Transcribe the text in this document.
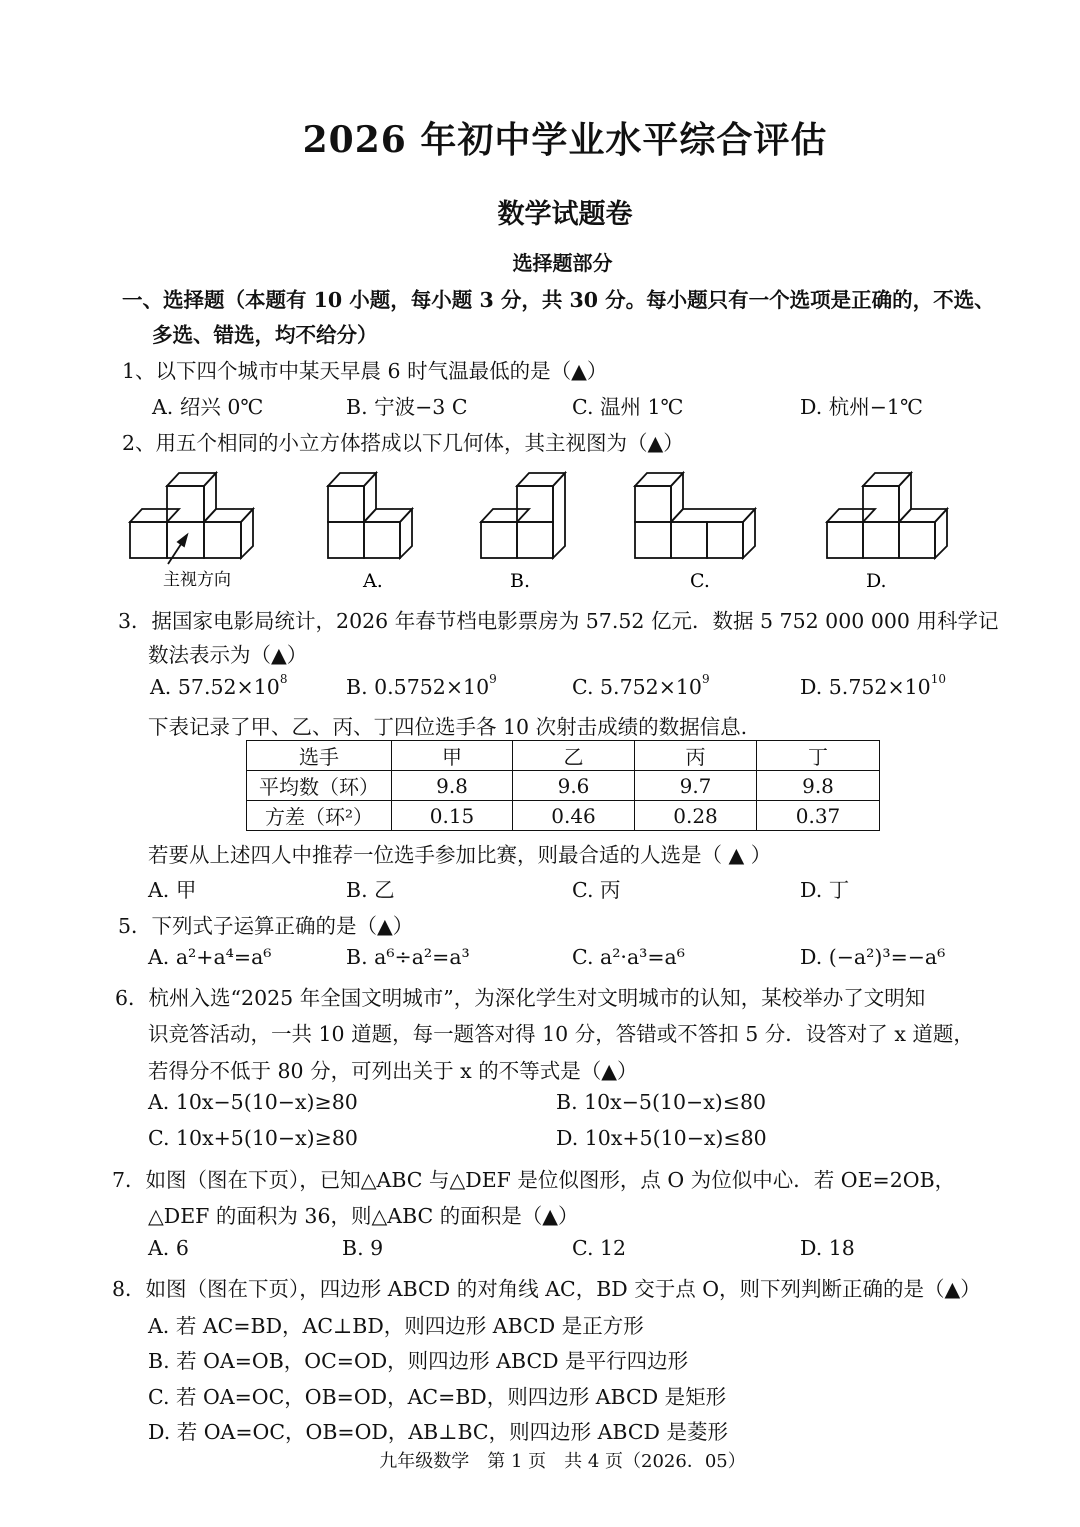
2026 年初中学业水平综合评估
数学试题卷
选择题部分
一、选择题（本题有 10 小题，每小题 3 分，共 30 分。每小题只有一个选项是正确的，不选、
多选、错选，均不给分）
1、以下四个城市中某天早晨 6 时气温最低的是（▲）
A. 绍兴 0℃	B. 宁波−3 C	C. 温州 1℃	D. 杭州−1℃
2、用五个相同的小立方体搭成以下几何体，其主视图为（▲）
主视方向	A.	B.	C.	D.
3．据国家电影局统计，2026 年春节档电影票房为 57.52 亿元．数据 5 752 000 000 用科学记
数法表示为（▲）
A. $57.52\times 10^8$	B. $0.5752\times 10^9$	C. $5.752\times 10^9$	D. $5.752\times 10^{10}$
下表记录了甲、乙、丙、丁四位选手各 10 次射击成绩的数据信息.
选手	甲	乙	丙	丁
平均数（环）	9.8	9.6	9.7	9.8
方差（环²）	0.15	0.46	0.28	0.37
若要从上述四人中推荐一位选手参加比赛，则最合适的人选是（ ▲ ）
A. 甲	B. 乙	C. 丙	D. 丁
5．下列式子运算正确的是（▲）
A. a²+a⁴=a⁶	B. a⁶÷a²=a³	C. a²·a³=a⁶	D. (−a²)³=−a⁶
6．杭州入选“2025 年全国文明城市”，为深化学生对文明城市的认知，某校举办了文明知
识竞答活动，一共 10 道题，每一题答对得 10 分，答错或不答扣 5 分．设答对了 x 道题，
若得分不低于 80 分，可列出关于 x 的不等式是（▲）
A. 10x−5(10−x)≥80	B. 10x−5(10−x)≤80
C. 10x+5(10−x)≥80	D. 10x+5(10−x)≤80
7．如图（图在下页），已知△ABC 与△DEF 是位似图形，点 O 为位似中心．若 OE=2OB，
△DEF 的面积为 36，则△ABC 的面积是（▲）
A. 6	B. 9	C. 12	D. 18
8．如图（图在下页），四边形 ABCD 的对角线 AC，BD 交于点 O，则下列判断正确的是（▲）
A. 若 AC=BD，AC⊥BD，则四边形 ABCD 是正方形
B. 若 OA=OB，OC=OD，则四边形 ABCD 是平行四边形
C. 若 OA=OC，OB=OD，AC=BD，则四边形 ABCD 是矩形
D. 若 OA=OC，OB=OD，AB⊥BC，则四边形 ABCD 是菱形
九年级数学　第 1 页　共 4 页（2026．05）
